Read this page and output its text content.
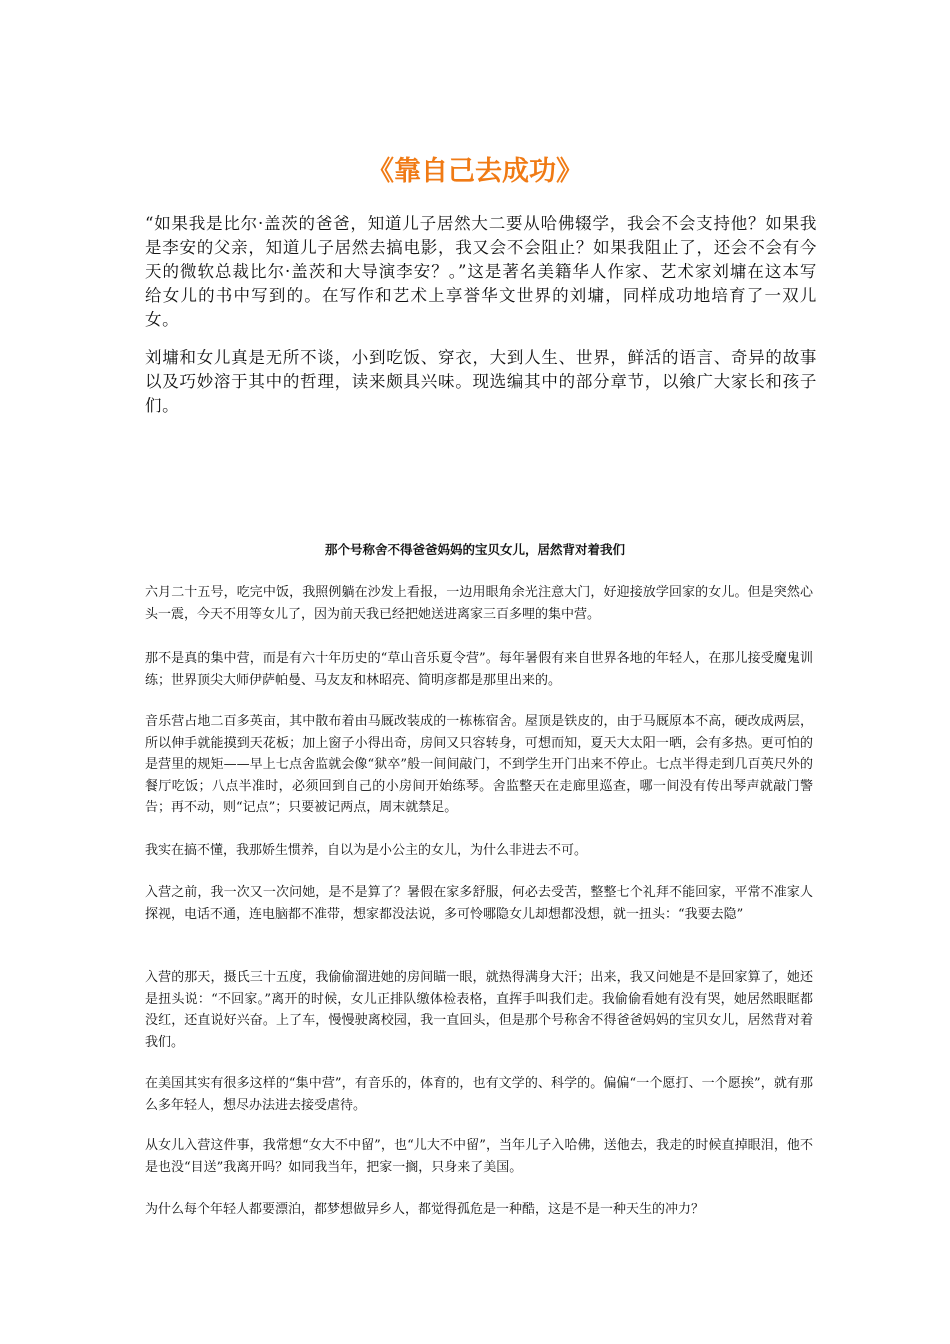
《靠自己去成功》

“如果我是比尔·盖茨的爸爸，知道儿子居然大二要从哈佛辍学，我会不会支持他？如果我是李安的父亲，知道儿子居然去搞电影，我又会不会阻止？如果我阻止了，还会不会有今天的微软总裁比尔·盖茨和大导演李安？。”这是著名美籍华人作家、艺术家刘墉在这本写给女儿的书中写到的。在写作和艺术上享誉华文世界的刘墉，同样成功地培育了一双儿女。

刘墉和女儿真是无所不谈，小到吃饭、穿衣，大到人生、世界，鲜活的语言、奇异的故事以及巧妙溶于其中的哲理，读来颇具兴味。现选编其中的部分章节，以飨广大家长和孩子们。

那个号称舍不得爸爸妈妈的宝贝女儿，居然背对着我们

六月二十五号，吃完中饭，我照例躺在沙发上看报，一边用眼角余光注意大门，好迎接放学回家的女儿。但是突然心头一震，今天不用等女儿了，因为前天我已经把她送进离家三百多哩的集中营。

那不是真的集中营，而是有六十年历史的“草山音乐夏令营”。每年暑假有来自世界各地的年轻人，在那儿接受魔鬼训练；世界顶尖大师伊萨帕曼、马友友和林昭亮、简明彦都是那里出来的。

音乐营占地二百多英亩，其中散布着由马厩改装成的一栋栋宿舍。屋顶是铁皮的，由于马厩原本不高，硬改成两层，所以伸手就能摸到天花板；加上窗子小得出奇，房间又只容转身，可想而知，夏天大太阳一晒，会有多热。更可怕的是营里的规矩——早上七点舍监就会像“狱卒”般一间间敲门，不到学生开门出来不停止。七点半得走到几百英尺外的餐厅吃饭；八点半准时，必须回到自己的小房间开始练琴。舍监整天在走廊里巡查，哪一间没有传出琴声就敲门警告；再不动，则“记点”；只要被记两点，周末就禁足。

我实在搞不懂，我那娇生惯养，自以为是小公主的女儿，为什么非进去不可。

入营之前，我一次又一次问她，是不是算了？暑假在家多舒服，何必去受苦，整整七个礼拜不能回家，平常不准家人探视，电话不通，连电脑都不准带，想家都没法说，多可怜哪隐女儿却想都没想，就一扭头：“我要去隐”

入营的那天，摄氏三十五度，我偷偷溜进她的房间瞄一眼，就热得满身大汗；出来，我又问她是不是回家算了，她还是扭头说：“不回家。”离开的时候，女儿正排队缴体检表格，直挥手叫我们走。我偷偷看她有没有哭，她居然眼眶都没红，还直说好兴奋。上了车，慢慢驶离校园，我一直回头，但是那个号称舍不得爸爸妈妈的宝贝女儿，居然背对着我们。

在美国其实有很多这样的“集中营”，有音乐的，体育的，也有文学的、科学的。偏偏“一个愿打、一个愿挨”，就有那么多年轻人，想尽办法进去接受虐待。

从女儿入营这件事，我常想“女大不中留”，也“儿大不中留”，当年儿子入哈佛，送他去，我走的时候直掉眼泪，他不是也没“目送”我离开吗？如同我当年，把家一搁，只身来了美国。

为什么每个年轻人都要漂泊，都梦想做异乡人，都觉得孤危是一种酷，这是不是一种天生的冲力？
